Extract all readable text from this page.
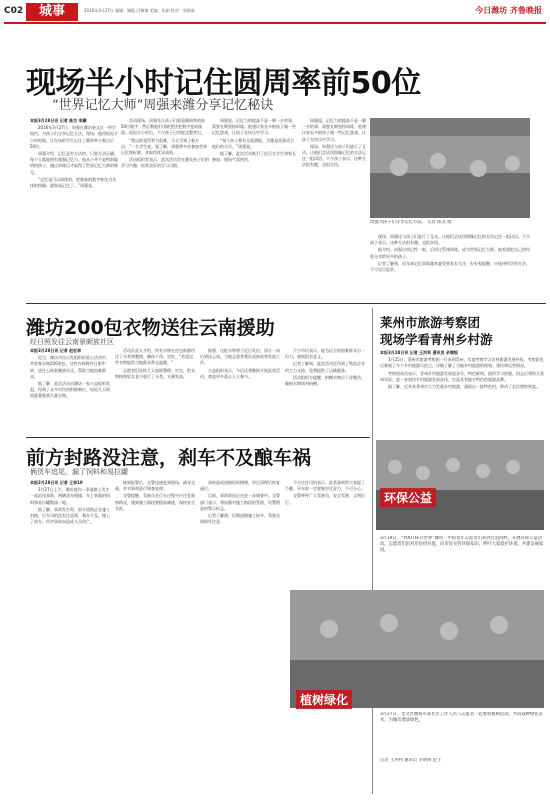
C02	城事	2016年3月27日 编辑：谢振 闫黎黎 美编：张娟 校对：郭新甫	今日潍坊 齐鲁晚报
现场半小时记住圆周率前50位
“世界记忆大师”周强来潍分享记忆秘诀

本报3月28日讯 记者 陈杰 李灏

2016年3月27日，周强在潍坊奎文区一所学校内，为孩子们分享记忆方法。现场，他用短短半小时时间，让在场的学生记住了圆周率小数点后50位。

周强介绍，记忆是有方法的，只要方法正确，每个人都能拥有超强记忆力。他从小并不是特别聪明的孩子，通过训练后才取得了世界记忆大师的称号。

“记忆是可以训练的，把抽象的数字转化为具体的图像，就容易记住了。”周强说。

活动现场，周强先让孩子们观看圆周率的前50位数字，然后教他们用联想法把数字变成画面。短短半小时后，不少孩子已经能完整背出。

“我以前觉得背书很难，今天学到了新方法。”一名学生说。据了解，周强曾多次参加世界记忆锦标赛，并取得优异成绩。

活动组织者表示，此次活动旨在激发孩子们的学习兴趣，培养良好的学习习惯。

周强说，记忆力的提高不是一朝一夕的事，需要长期坚持训练。他建议家长多陪孩子做一些记忆游戏，让孩子在快乐中学习。

“每个孩子都有无限潜能，关键是找到适合他们的方法。”周强说。

据了解，此次活动吸引了近百名学生和家长参加，现场气氛热烈。

周强为孩子们分享记忆方法。 记者 陈杰 摄

现场，周强还与孩子们进行了互动，让他们尝试用图像记忆的方法记住一组词语。不少孩子表示，这种方法很有趣，也很实用。

据介绍，周强自幼记性一般，后经过系统训练，成为世界记忆大师。他希望把自己的经验分享给更多的孩子。

记者了解到，近年来记忆训练越来越受到家长关注，但专家提醒，应选择科学的方法，不可盲目追求。

周强说，记忆力的提高不是一朝一夕的事，需要长期坚持训练。他建议家长多陪孩子做一些记忆游戏，让孩子在快乐中学习。

现场，周强还与孩子们进行了互动，让他们尝试用图像记忆的方法记住一组词语。不少孩子表示，这种方法很有趣，也很实用。

潍坊200包衣物送往云南援助
经日照发往云南景颇族社区

本报3月28日讯 记者 赵松林

近日，潍坊市民自发组织的爱心活动中，共收集衣物200余包，这些衣物将经日照中转，送往云南景颇族社区，帮助当地困难群众。

据了解，此次活动由潍坊一家公益组织发起，得到了众多市民的积极响应，短短几天时间就募集到大量衣物。

活动负责人介绍，所有衣物在打包前都经过了分类和整理，确保干净、完好。“希望这些衣物能给当地群众带去温暖。”

志愿者们连续几天加班整理、打包，把衣物按照男女老少进行了分类，方便发放。

据悉，这批衣物将于近日发出，预计一周后到达云南。当地志愿者将负责接收和发放工作。

公益组织表示，今后还将继续开展此类活动，欢迎更多爱心人士参与。

不少市民表示，能为远方的困难群众尽一份力，感到很有意义。

记者了解到，此次活动还得到了物流企业的大力支持，免费提供了运输服务。

活动组织方提醒，捐赠衣物应干净整洁，破损衣物请勿捐赠。

莱州市旅游考察团
现场学看青州乡村游

本报3月28日讯 记者 王洪利 通讯员 余增振

3月25日，莱州市旅游考察团一行来到青州，实地考察学习乡村旅游发展经验。考察团先后参观了多个乡村旅游示范点，详细了解了当地乡村旅游的规划、建设和运营情况。

考察团成员表示，青州乡村旅游发展起步早、特色鲜明，值得学习借鉴。回去后将结合莱州实际，进一步加快乡村旅游发展步伐，打造具有地方特色的旅游品牌。

据了解，近年来青州市大力发展乡村旅游，涌现出一批特色村，带动了农民增收致富。

前方封路没注意，刹车不及酿车祸
俩货车追尾，漏了饲料和易拉罐

本报3月28日讯 记者 王林10

3月27日上午，潍坊境内一条道路上发生一起追尾事故，两辆货车相撞，车上装载的饲料和易拉罐散落一地。

据了解，事故发生时，前方道路正在施工封路，后车司机没有注意到，刹车不及，撞上了前车。所幸事故未造成人员伤亡。

接到报警后，交警迅速赶到现场，疏导交通，并对事故进行调查处理。

交警提醒，驾驶员在行车过程中应注意观察路况，遇到施工路段要提前减速，保持安全车距。

事故造成道路短时拥堵，经过清理后恢复通行。

目前，事故原因正在进一步调查中。交警部门表示，将加强对施工路段的管理，设置明显的警示标志。

记者了解到，近期道路施工较多，驾驶员需格外注意。

不少过往司机表示，此类事故给大家提了个醒，开车时一定要集中注意力，不可分心。

交警呼吁广大驾驶员，安全驾驶，文明出行。	环保公益
3月19日，“YOUTH·让世界”潍坊一中的青年志愿者们来到白浪河畔，开展环保公益活动。志愿者们沿河岸捡拾垃圾，向市民宣传环保知识，呼吁大家爱护环境，共建美丽家园。
植树绿化
3月27日，奎文区潍坊市某社区工作人员与志愿者一起参加植树活动，共同栽种绿化苗木，为城市增添绿色。
记者 王洪利 通讯员 李明明 赵士
